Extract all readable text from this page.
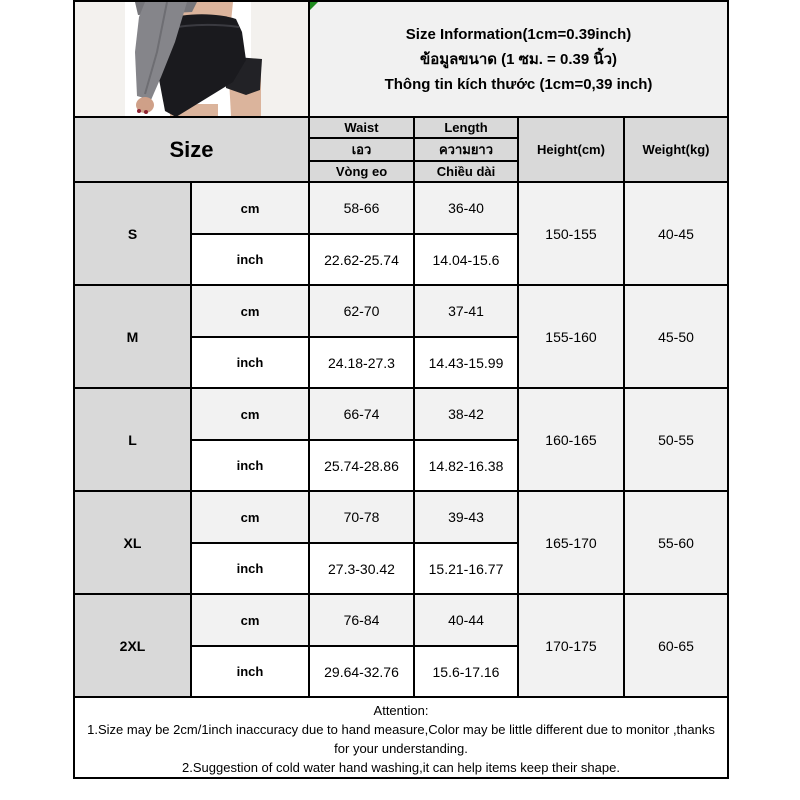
Size Information(1cm=0.39inch)
ข้อมูลขนาด (1 ซม. = 0.39 นิ้ว)
Thông tin kích thước (1cm=0,39 inch)			

Size		Waist	Length	Height(cm)	Weight(kg)
		เอว	ความยาว		
		Vòng eo	Chiều dài		
S	cm	58-66	36-40	150-155	40-45
	inch	22.62-25.74	14.04-15.6		
M	cm	62-70	37-41	155-160	45-50
	inch	24.18-27.3	14.43-15.99		
L	cm	66-74	38-42	160-165	50-55
	inch	25.74-28.86	14.82-16.38		
XL	cm	70-78	39-43	165-170	55-60
	inch	27.3-30.42	15.21-16.77		
2XL	cm	76-84	40-44	170-175	60-65
	inch	29.64-32.76	15.6-17.16		

Attention:
1.Size may be 2cm/1inch inaccuracy due to hand measure,Color may be little different due to monitor ,thanks for your understanding.
2.Suggestion of cold water hand washing,it can help items keep their shape.					
